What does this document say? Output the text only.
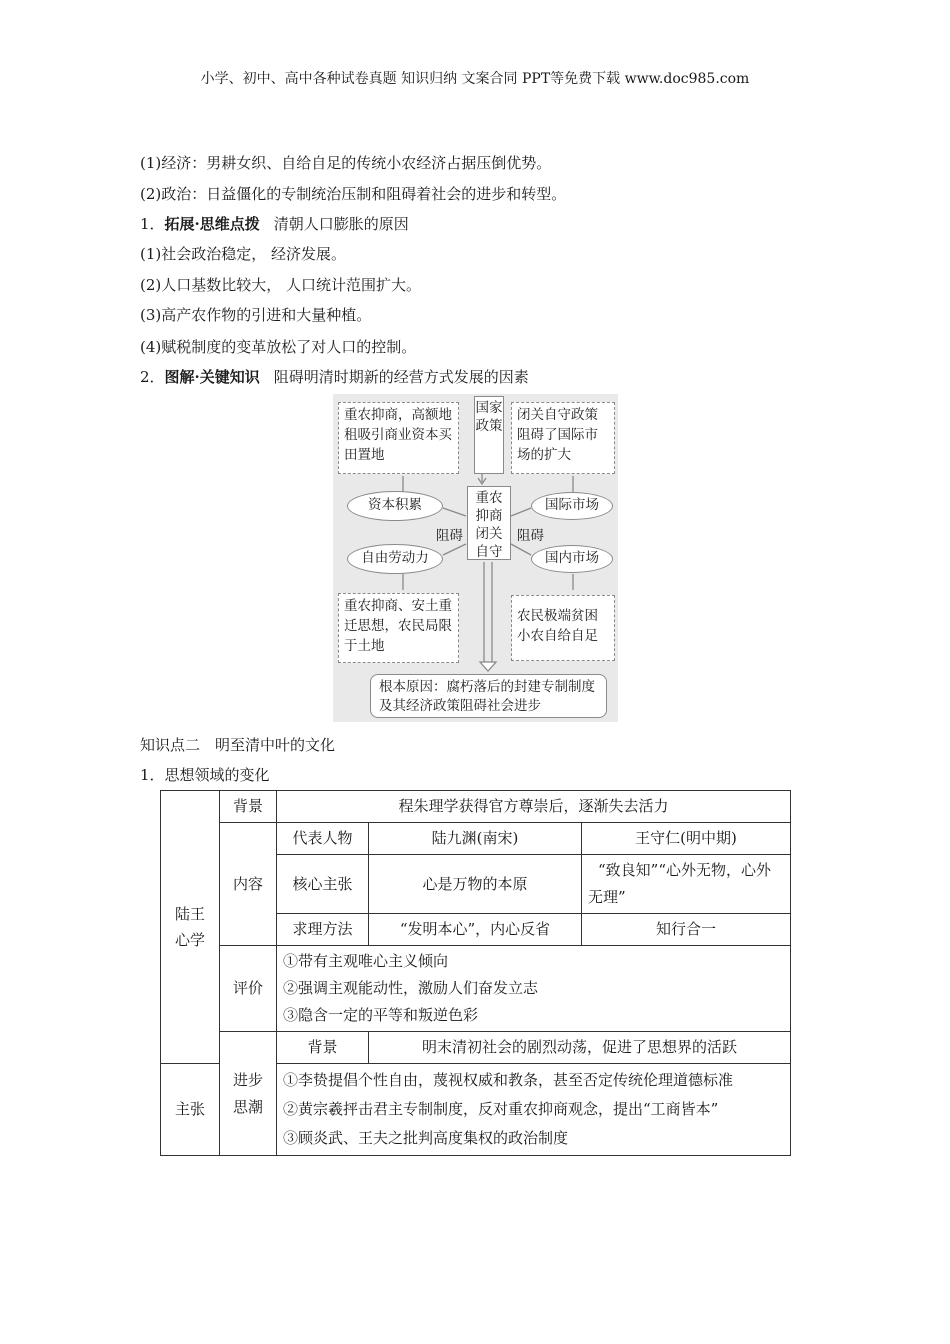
小学、初中、高中各种试卷真题 知识归纳 文案合同 PPT等免费下载 www.doc985.com
(1)经济：男耕女织、自给自足的传统小农经济占据压倒优势。
(2)政治：日益僵化的专制统治压制和阻碍着社会的进步和转型。
1．拓展·思维点拨 清朝人口膨胀的原因
(1)社会政治稳定， 经济发展。
(2)人口基数比较大， 人口统计范围扩大。
(3)高产农作物的引进和大量种植。
(4)赋税制度的变革放松了对人口的控制。
2．图解·关键知识 阻碍明清时期新的经营方式发展的因素
重农抑商，高额地租吸引商业资本买田置地
国家政策
闭关自守政策阻碍了国际市场的扩大
重农抑商闭关自守
资本积累
自由劳动力
国际市场
国内市场
阻碍	阻碍
重农抑商、安土重迁思想，农民局限于土地
农民极端贫困小农自给自足
根本原因：腐朽落后的封建专制制度及其经济政策阻碍社会进步
知识点二　明至清中叶的文化
1．思想领域的变化
陆王心学	背景	程朱理学获得官方尊崇后，逐渐失去活力		
	内容	代表人物	陆九渊(南宋)	王守仁(明中期)
		核心主张	心是万物的本原	“致良知”“心外无物，心外无理”
		求理方法	“发明本心”，内心反省	知行合一
	评价	①带有主观唯心主义倾向
②强调主观能动性，激励人们奋发立志
③隐含一定的平等和叛逆色彩		

	进步思潮	背景	明末清初社会的剧烈动荡，促进了思想界的活跃	
主张		①李贽提倡个性自由，蔑视权威和教条，甚至否定传统伦理道德标准
②黄宗羲抨击君主专制制度，反对重农抑商观念，提出“工商皆本”
③顾炎武、王夫之批判高度集权的政治制度		
